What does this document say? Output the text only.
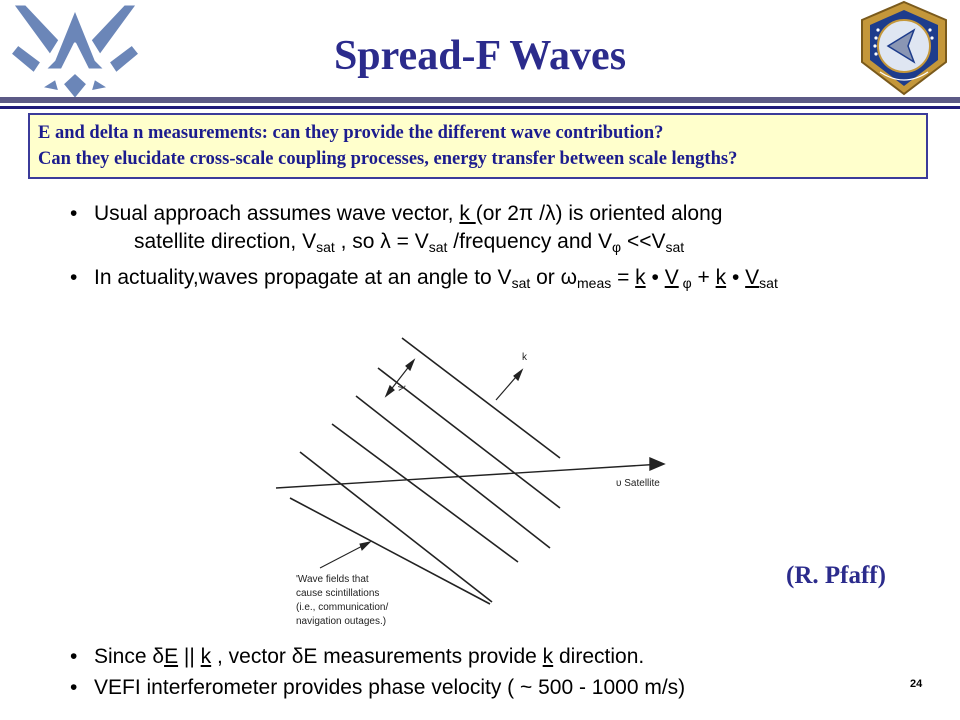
Spread-F Waves
E and delta n measurements: can they provide the different wave contribution?
Can they elucidate cross-scale coupling processes, energy transfer between scale lengths?
• Usual approach assumes wave vector, k (or 2π /λ) is oriented along
satellite direction, $V_{sat}$ , so $\lambda = V_{sat}$ /frequency and $V_\varphi <<V_{sat}$
• In actuality,waves propagate at an angle to $V_{sat}$ or $\omega_{meas} = k$ • V $_\varphi$ + k • $V_{sat}$
λ
k
υ Satellite
'Wave fields that
cause scintillations
(i.e., communication/
navigation outages.)
(R. Pfaff)
• Since δE || k , vector δE measurements provide k direction.
• VEFI interferometer provides phase velocity ( ~ 500 - 1000 m/s)	24
